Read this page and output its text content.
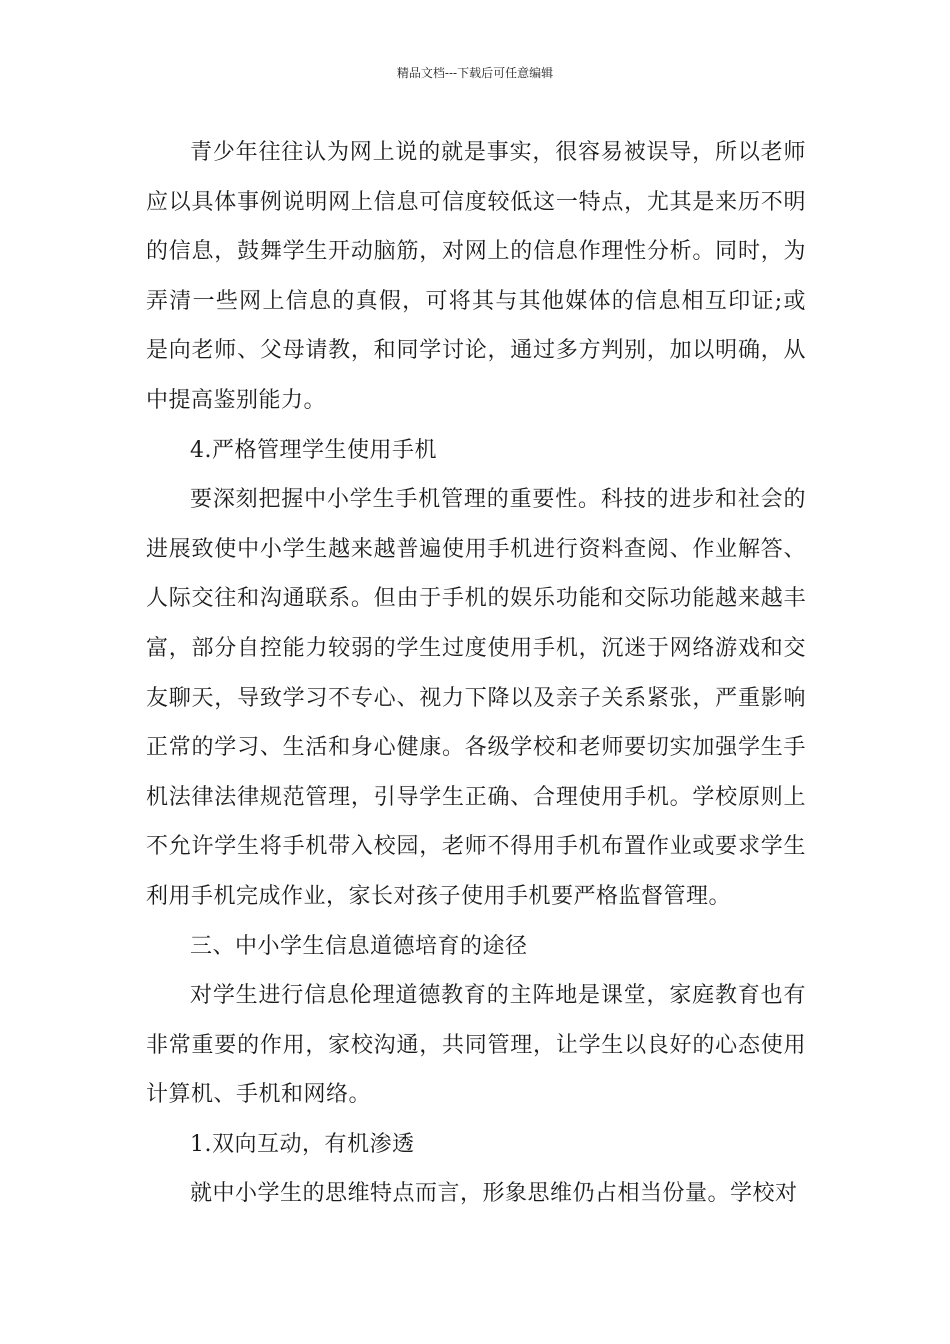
精品文档---下载后可任意编辑

青少年往往认为网上说的就是事实，很容易被误导，所以老师应以具体事例说明网上信息可信度较低这一特点，尤其是来历不明的信息，鼓舞学生开动脑筋，对网上的信息作理性分析。同时，为弄清一些网上信息的真假，可将其与其他媒体的信息相互印证;或是向老师、父母请教，和同学讨论，通过多方判别，加以明确，从中提高鉴别能力。

4.严格管理学生使用手机

要深刻把握中小学生手机管理的重要性。科技的进步和社会的进展致使中小学生越来越普遍使用手机进行资料查阅、作业解答、人际交往和沟通联系。但由于手机的娱乐功能和交际功能越来越丰富，部分自控能力较弱的学生过度使用手机，沉迷于网络游戏和交友聊天，导致学习不专心、视力下降以及亲子关系紧张，严重影响正常的学习、生活和身心健康。各级学校和老师要切实加强学生手机法律法律规范管理，引导学生正确、合理使用手机。学校原则上不允许学生将手机带入校园，老师不得用手机布置作业或要求学生利用手机完成作业，家长对孩子使用手机要严格监督管理。

三、中小学生信息道德培育的途径

对学生进行信息伦理道德教育的主阵地是课堂，家庭教育也有非常重要的作用，家校沟通，共同管理，让学生以良好的心态使用计算机、手机和网络。

1.双向互动，有机渗透

就中小学生的思维特点而言，形象思维仍占相当份量。学校对
